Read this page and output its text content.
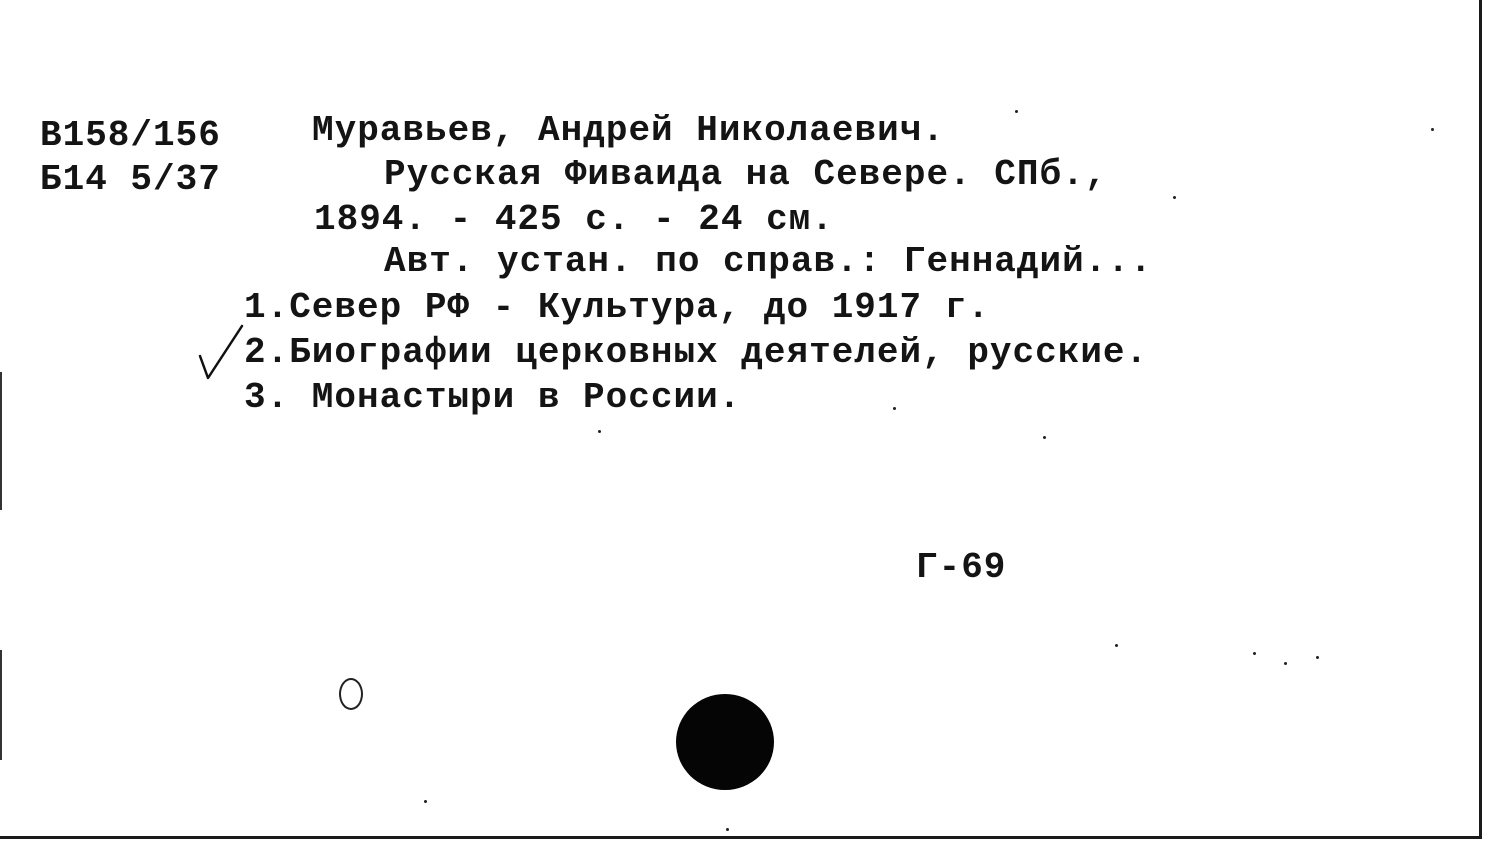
В158/156
Б14 5/37
Муравьев, Андрей Николаевич.
Русская Фиваида на Севере. СПб.,
1894. - 425 с. - 24 см.
Авт. устан. по справ.: Геннадий...
1.Север РФ - Культура, до 1917 г.
2.Биографии церковных деятелей, русские.
3. Монастыри в России.
Г-69
